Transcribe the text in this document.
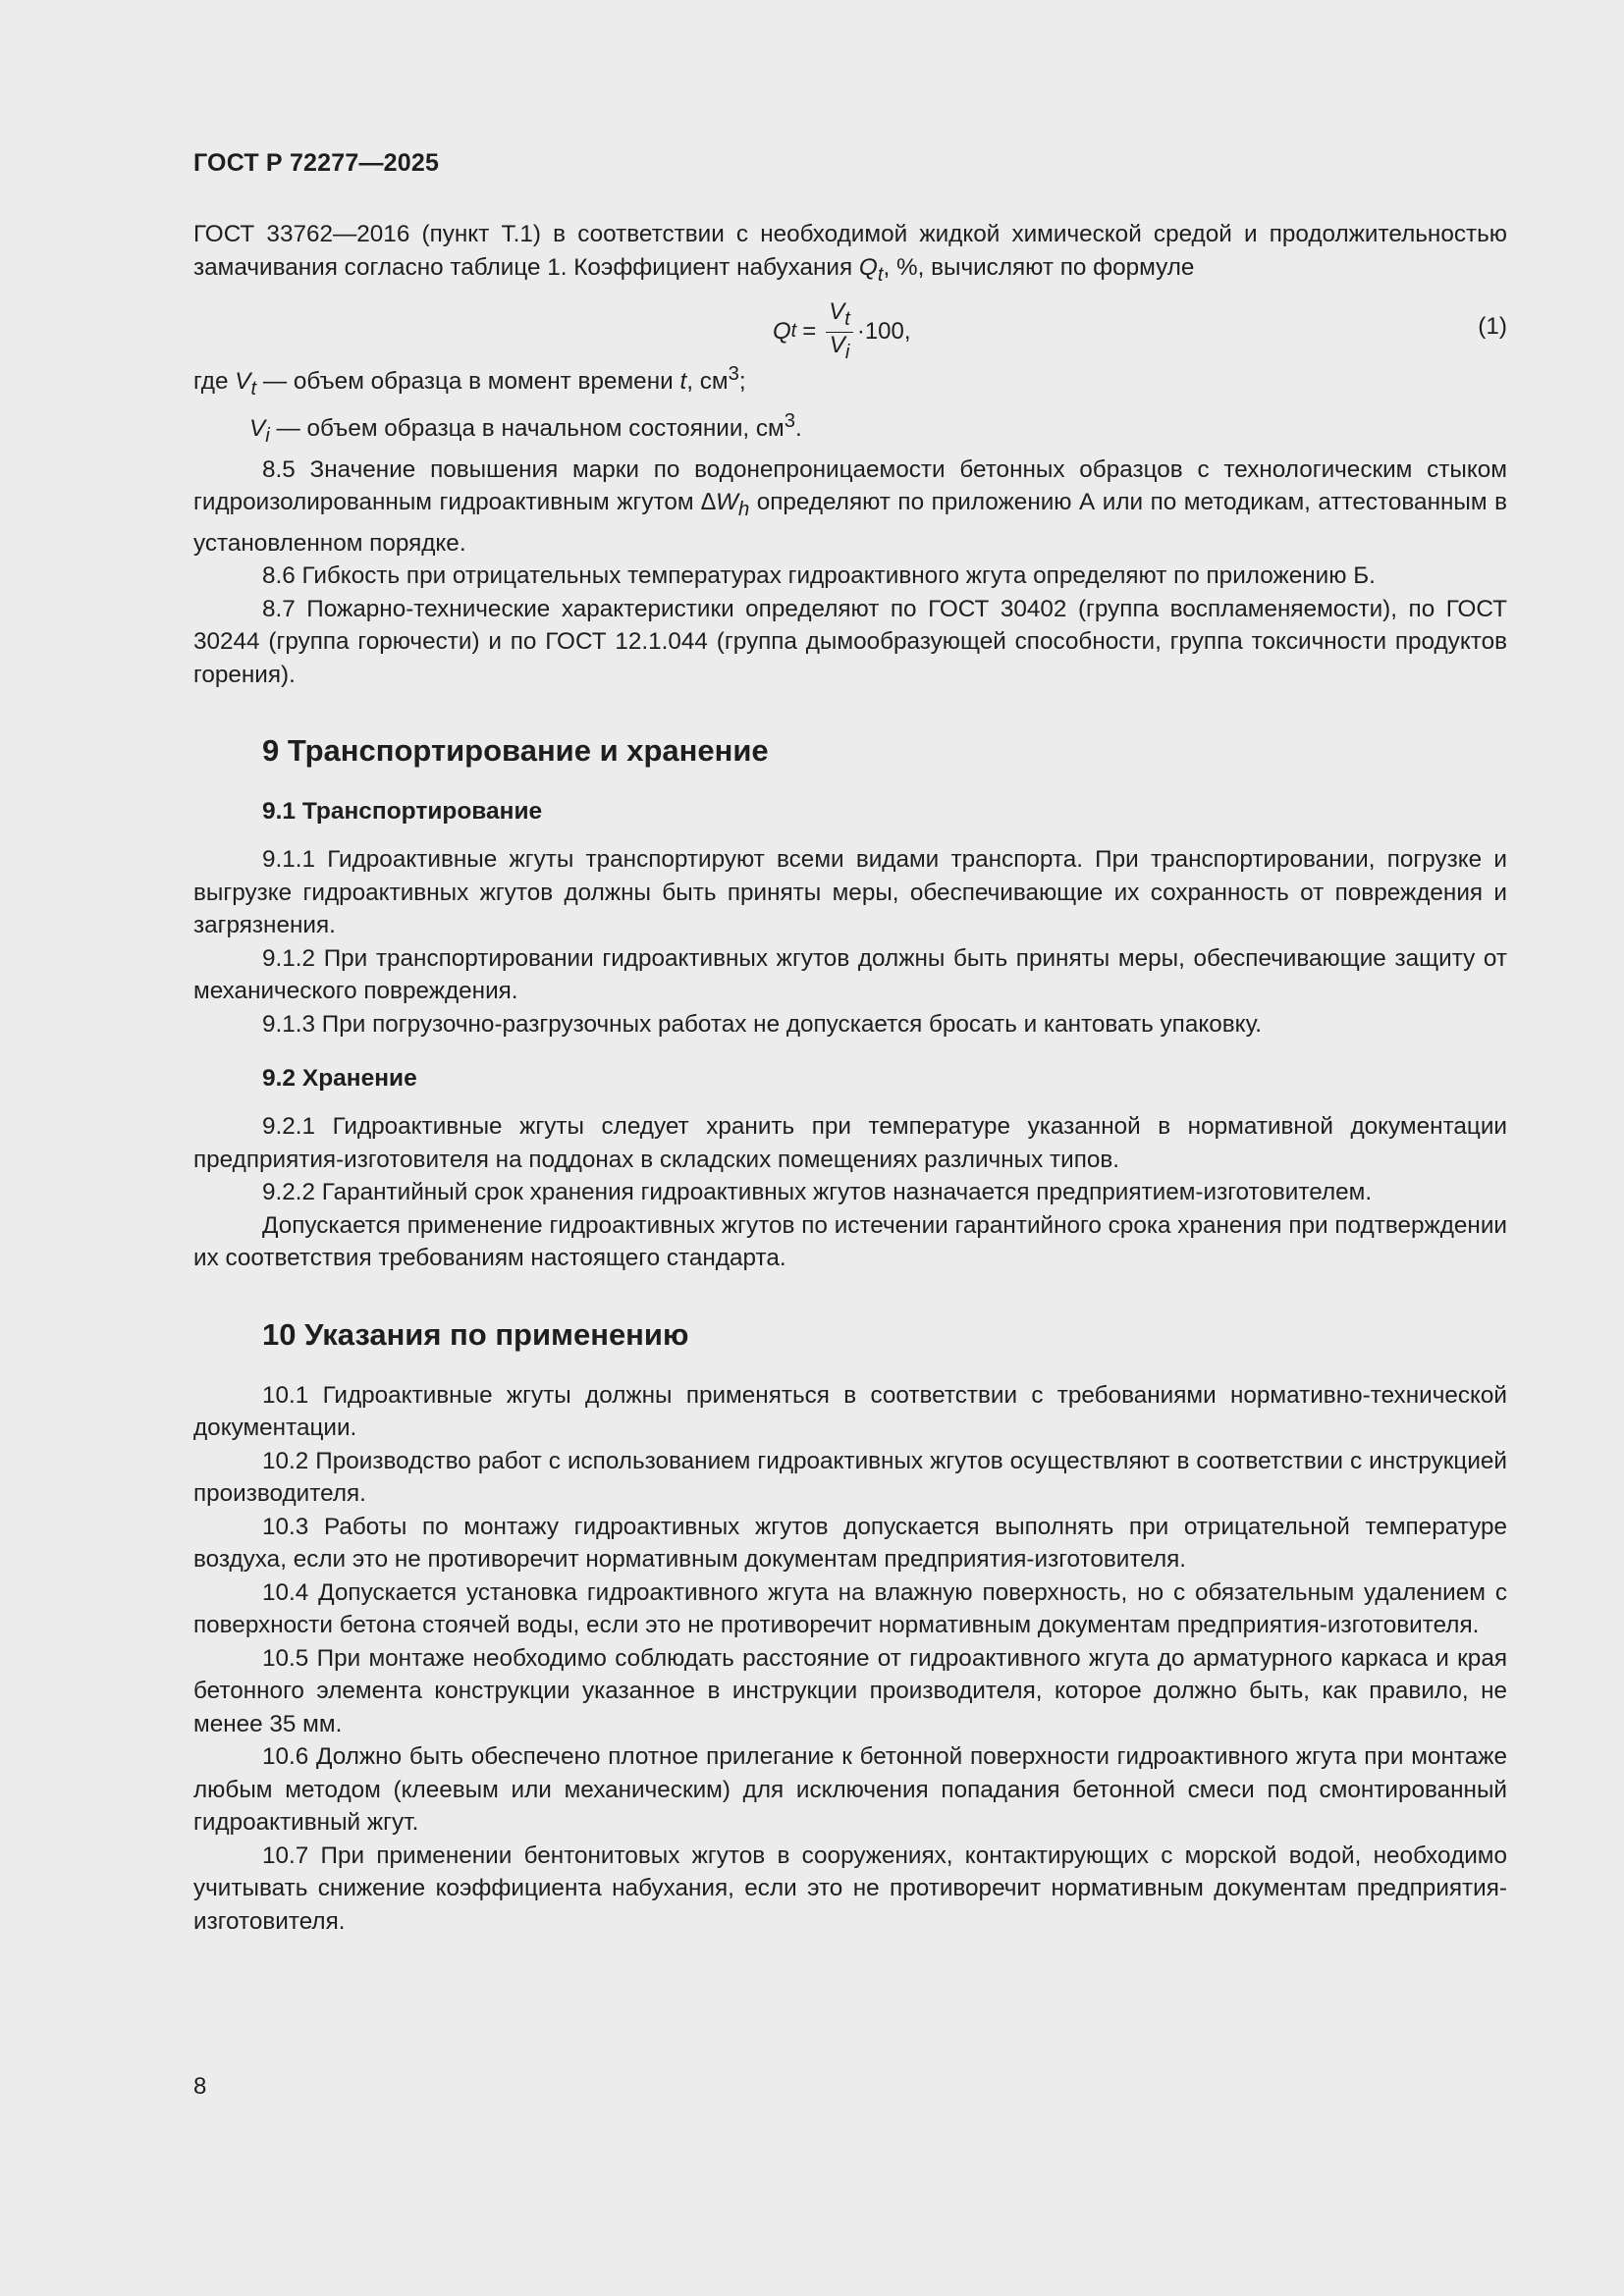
ГОСТ Р 72277—2025

ГОСТ 33762—2016 (пункт Т.1) в соответствии с необходимой жидкой химической средой и продолжительностью замачивания согласно таблице 1. Коэффициент набухания $Q_t$, %, вычисляют по формуле

Q $t = \frac{V_t}{V_i} \cdot 100$,	(1)

где $V_t$ — объем образца в момент времени t, $см^3$;

$V_i$ — объем образца в начальном состоянии, $см^3$.

8.5 Значение повышения марки по водонепроницаемости бетонных образцов с технологическим стыком гидроизолированным гидроактивным жгутом $\Delta W_h$ определяют по приложению А или по методикам, аттестованным в установленном порядке.

8.6 Гибкость при отрицательных температурах гидроактивного жгута определяют по приложению Б.

8.7 Пожарно-технические характеристики определяют по ГОСТ 30402 (группа воспламеняемости), по ГОСТ 30244 (группа горючести) и по ГОСТ 12.1.044 (группа дымообразующей способности, группа токсичности продуктов горения).

9 Транспортирование и хранение
9.1 Транспортирование

9.1.1 Гидроактивные жгуты транспортируют всеми видами транспорта. При транспортировании, погрузке и выгрузке гидроактивных жгутов должны быть приняты меры, обеспечивающие их сохранность от повреждения и загрязнения.

9.1.2 При транспортировании гидроактивных жгутов должны быть приняты меры, обеспечивающие защиту от механического повреждения.

9.1.3 При погрузочно-разгрузочных работах не допускается бросать и кантовать упаковку.

9.2 Хранение

9.2.1 Гидроактивные жгуты следует хранить при температуре указанной в нормативной документации предприятия-изготовителя на поддонах в складских помещениях различных типов.

9.2.2 Гарантийный срок хранения гидроактивных жгутов назначается предприятием-изготовителем.

Допускается применение гидроактивных жгутов по истечении гарантийного срока хранения при подтверждении их соответствия требованиям настоящего стандарта.

10 Указания по применению

10.1 Гидроактивные жгуты должны применяться в соответствии с требованиями нормативно-технической документации.

10.2 Производство работ с использованием гидроактивных жгутов осуществляют в соответствии с инструкцией производителя.

10.3 Работы по монтажу гидроактивных жгутов допускается выполнять при отрицательной температуре воздуха, если это не противоречит нормативным документам предприятия-изготовителя.

10.4 Допускается установка гидроактивного жгута на влажную поверхность, но с обязательным удалением с поверхности бетона стоячей воды, если это не противоречит нормативным документам предприятия-изготовителя.

10.5 При монтаже необходимо соблюдать расстояние от гидроактивного жгута до арматурного каркаса и края бетонного элемента конструкции указанное в инструкции производителя, которое должно быть, как правило, не менее 35 мм.

10.6 Должно быть обеспечено плотное прилегание к бетонной поверхности гидроактивного жгута при монтаже любым методом (клеевым или механическим) для исключения попадания бетонной смеси под смонтированный гидроактивный жгут.

10.7 При применении бентонитовых жгутов в сооружениях, контактирующих с морской водой, необходимо учитывать снижение коэффициента набухания, если это не противоречит нормативным документам предприятия-изготовителя.

8
